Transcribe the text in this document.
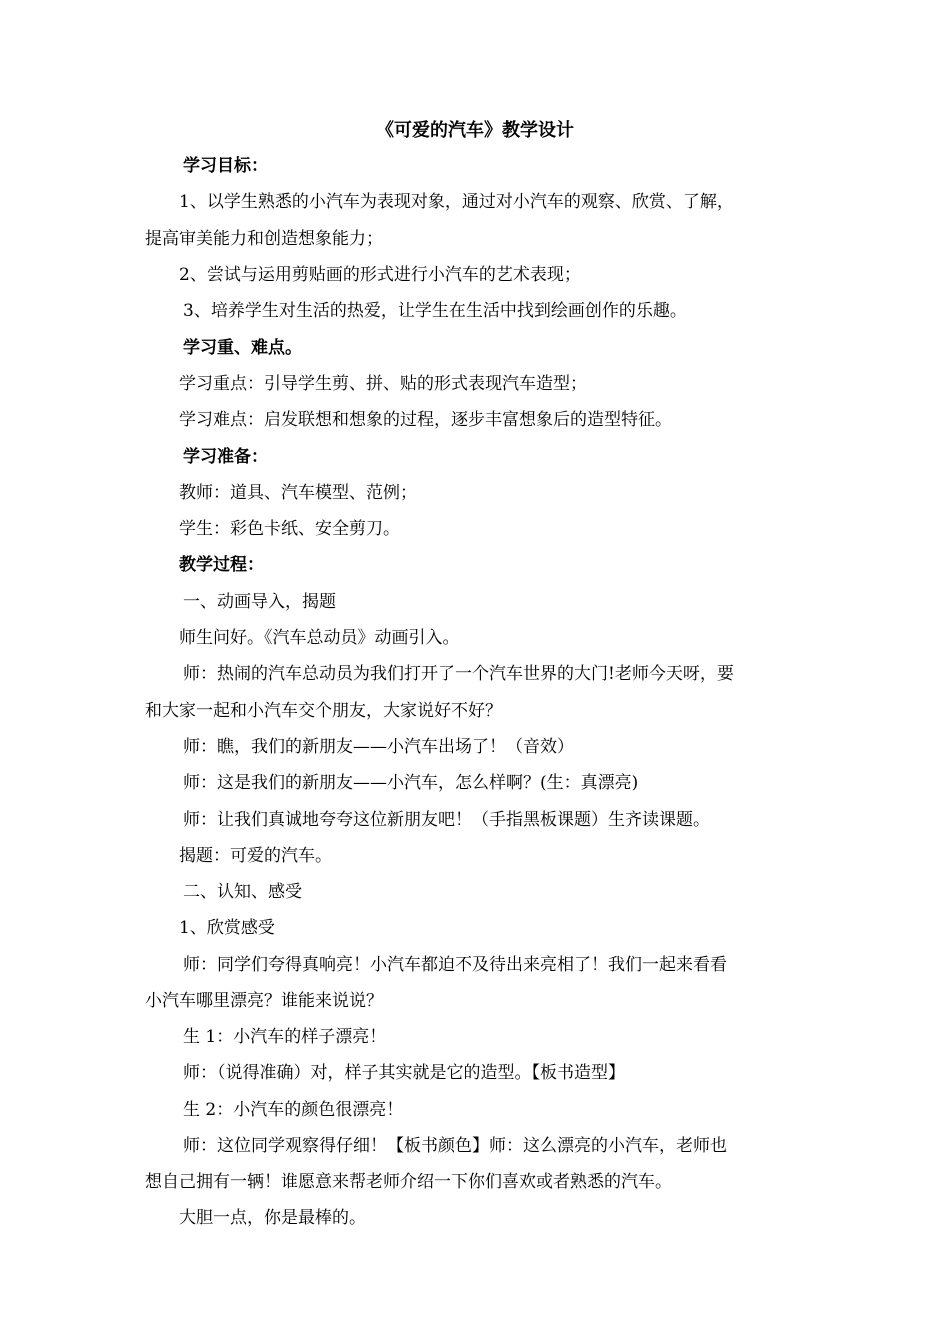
《可爱的汽车》教学设计
学习目标：
1、以学生熟悉的小汽车为表现对象，通过对小汽车的观察、欣赏、了解，
提高审美能力和创造想象能力；
2、尝试与运用剪贴画的形式进行小汽车的艺术表现；
3、培养学生对生活的热爱，让学生在生活中找到绘画创作的乐趣。
学习重、难点。
学习重点：引导学生剪、拼、贴的形式表现汽车造型；
学习难点：启发联想和想象的过程，逐步丰富想象后的造型特征。
学习准备：
教师：道具、汽车模型、范例；
学生：彩色卡纸、安全剪刀。
教学过程：
一、动画导入，揭题
师生问好。《汽车总动员》动画引入。
师：热闹的汽车总动员为我们打开了一个汽车世界的大门!老师今天呀，要
和大家一起和小汽车交个朋友，大家说好不好？
师：瞧，我们的新朋友——小汽车出场了！（音效）
师：这是我们的新朋友——小汽车，怎么样啊？(生：真漂亮)
师：让我们真诚地夸夸这位新朋友吧！（手指黑板课题）生齐读课题。
揭题：可爱的汽车。
二、认知、感受
1、欣赏感受
师：同学们夸得真响亮！小汽车都迫不及待出来亮相了！我们一起来看看
小汽车哪里漂亮？谁能来说说？
生 1：小汽车的样子漂亮！
师：（说得准确）对，样子其实就是它的造型。【板书造型】
生 2：小汽车的颜色很漂亮！
师：这位同学观察得仔细！【板书颜色】师：这么漂亮的小汽车，老师也
想自己拥有一辆！谁愿意来帮老师介绍一下你们喜欢或者熟悉的汽车。
大胆一点，你是最棒的。
